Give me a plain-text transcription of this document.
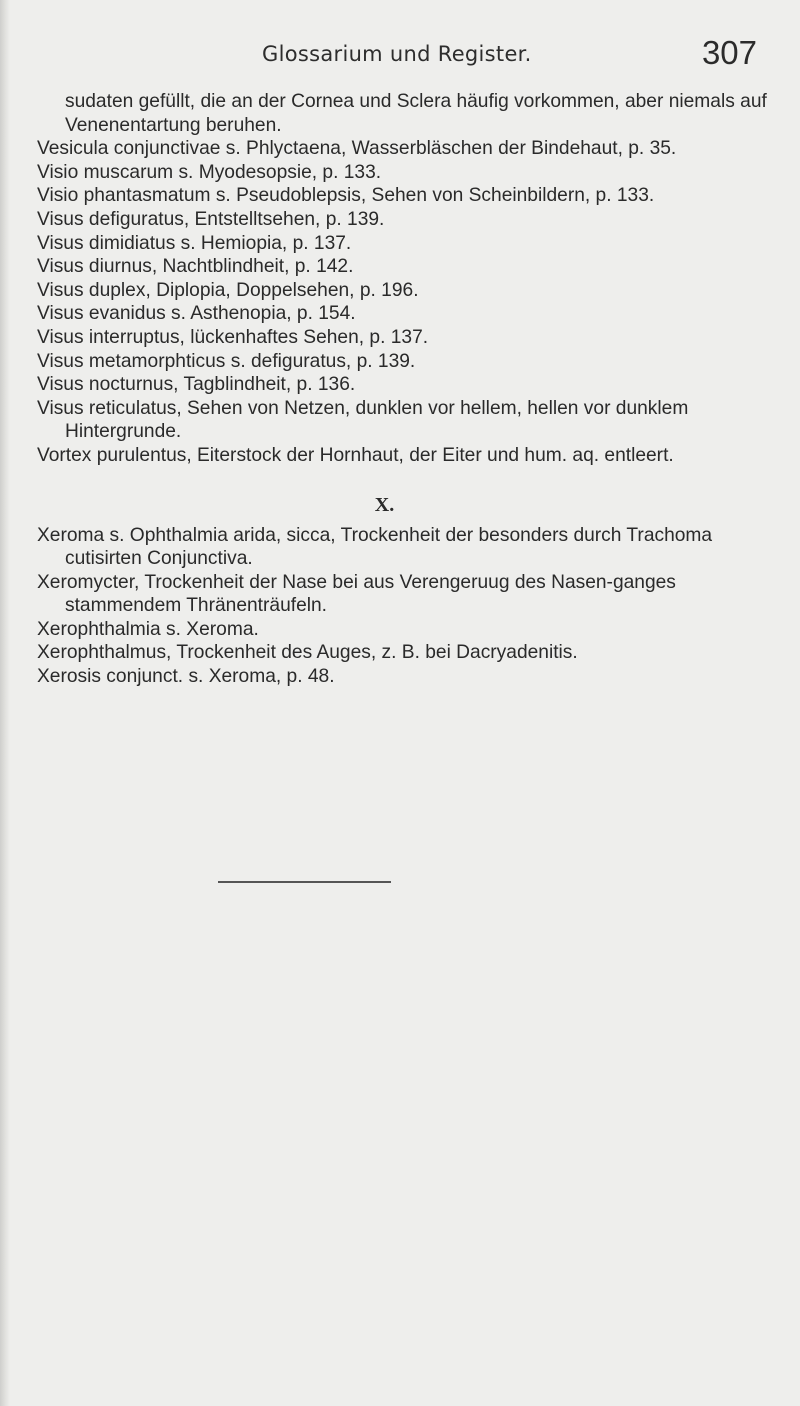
Glossarium und Register.	307

sudaten gefüllt, die an der Cornea und Sclera häufig vorkommen, aber niemals auf Venenentartung beruhen.

Vesicula conjunctivae s. Phlyctaena, Wasserbläschen der Bindehaut, p. 35.

Visio muscarum s. Myodesopsie, p. 133.

Visio phantasmatum s. Pseudoblepsis, Sehen von Scheinbildern, p. 133.

Visus defiguratus, Entstelltsehen, p. 139.

Visus dimidiatus s. Hemiopia, p. 137.

Visus diurnus, Nachtblindheit, p. 142.

Visus duplex, Diplopia, Doppelsehen, p. 196.

Visus evanidus s. Asthenopia, p. 154.

Visus interruptus, lückenhaftes Sehen, p. 137.

Visus metamorphticus s. defiguratus, p. 139.

Visus nocturnus, Tagblindheit, p. 136.

Visus reticulatus, Sehen von Netzen, dunklen vor hellem, hellen vor dunklem Hintergrunde.

Vortex purulentus, Eiterstock der Hornhaut, der Eiter und hum. aq. entleert.

X.

Xeroma s. Ophthalmia arida, sicca, Trockenheit der besonders durch Trachoma cutisirten Conjunctiva.

Xeromycter, Trockenheit der Nase bei aus Verengeruug des Nasen-ganges stammendem Thränenträufeln.

Xerophthalmia s. Xeroma.

Xerophthalmus, Trockenheit des Auges, z. B. bei Dacryadenitis.

Xerosis conjunct. s. Xeroma, p. 48.
